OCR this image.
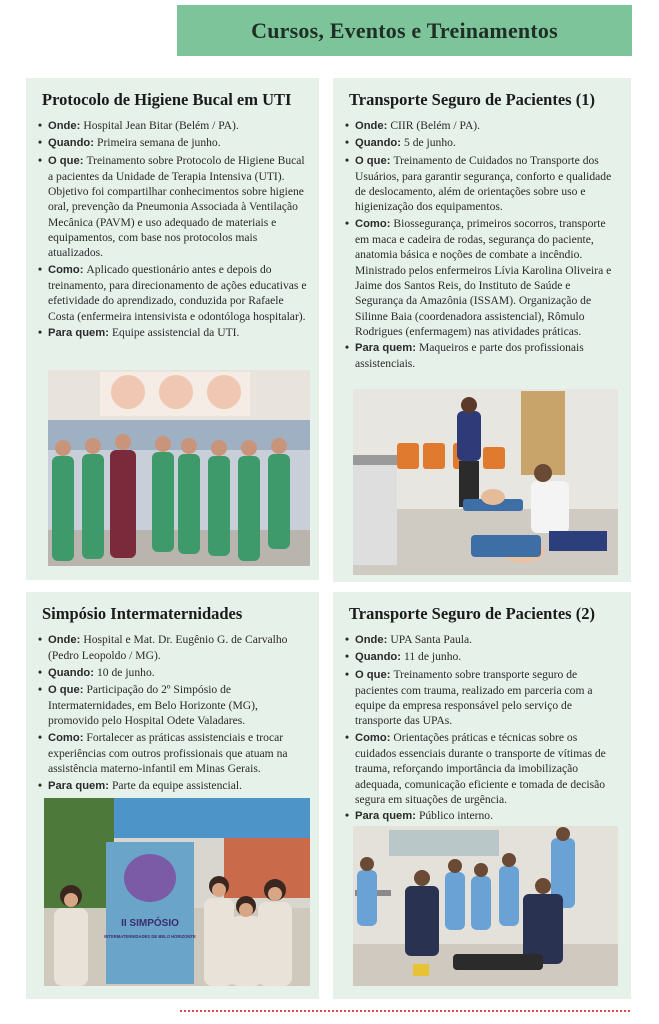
Cursos, Eventos e Treinamentos
Protocolo de Higiene Bucal em UTI
• Onde: Hospital Jean Bitar (Belém / PA).
• Quando: Primeira semana de junho.
• O que: Treinamento sobre Protocolo de Higiene Bucal a pacientes da Unidade de Terapia Intensiva (UTI). Objetivo foi compartilhar conhecimentos sobre higiene oral, prevenção da Pneumonia Associada à Ventilação Mecânica (PAVM) e uso adequado de materiais e equipamentos, com base nos protocolos mais atualizados.
• Como: Aplicado questionário antes e depois do treinamento, para direcionamento de ações educativas e efetividade do aprendizado, conduzida por Rafaele Costa (enfermeira intensivista e odontóloga hospitalar).
• Para quem: Equipe assistencial da UTI.
Transporte Seguro de Pacientes (1)
• Onde: CIIR (Belém / PA).
• Quando: 5 de junho.
• O que: Treinamento de Cuidados no Transporte dos Usuários, para garantir segurança, conforto e qualidade de deslocamento, além de orientações sobre uso e higienização dos equipamentos.
• Como: Biossegurança, primeiros socorros, transporte em maca e cadeira de rodas, segurança do paciente, anatomia básica e noções de combate a incêndio. Ministrado pelos enfermeiros Lívia Karolina Oliveira e Jaime dos Santos Reis, do Instituto de Saúde e Segurança da Amazônia (ISSAM). Organização de Silinne Baia (coordenadora assistencial), Rômulo Rodrigues (enfermagem) nas atividades práticas.
• Para quem: Maqueiros e parte dos profissionais assistenciais.
Simpósio Intermaternidades
• Onde: Hospital e Mat. Dr. Eugênio G. de Carvalho (Pedro Leopoldo / MG).
• Quando: 10 de junho.
• O que: Participação do 2º Simpósio de Intermaternidades, em Belo Horizonte (MG), promovido pelo Hospital Odete Valadares.
• Como: Fortalecer as práticas assistenciais e trocar experiências com outros profissionais que atuam na assistência materno-infantil em Minas Gerais.
• Para quem: Parte da equipe assistencial.
II SIMPÓSIO
INTERMATERNIDADES DE BELO HORIZONTE
Transporte Seguro de Pacientes (2)
• Onde: UPA Santa Paula.
• Quando: 11 de junho.
• O que: Treinamento sobre transporte seguro de pacientes com trauma, realizado em parceria com a equipe da empresa responsável pelo serviço de transporte das UPAs.
• Como: Orientações práticas e técnicas sobre os cuidados essenciais durante o transporte de vítimas de trauma, reforçando importância da imobilização adequada, comunicação eficiente e tomada de decisão segura em situações de urgência.
• Para quem: Público interno.
